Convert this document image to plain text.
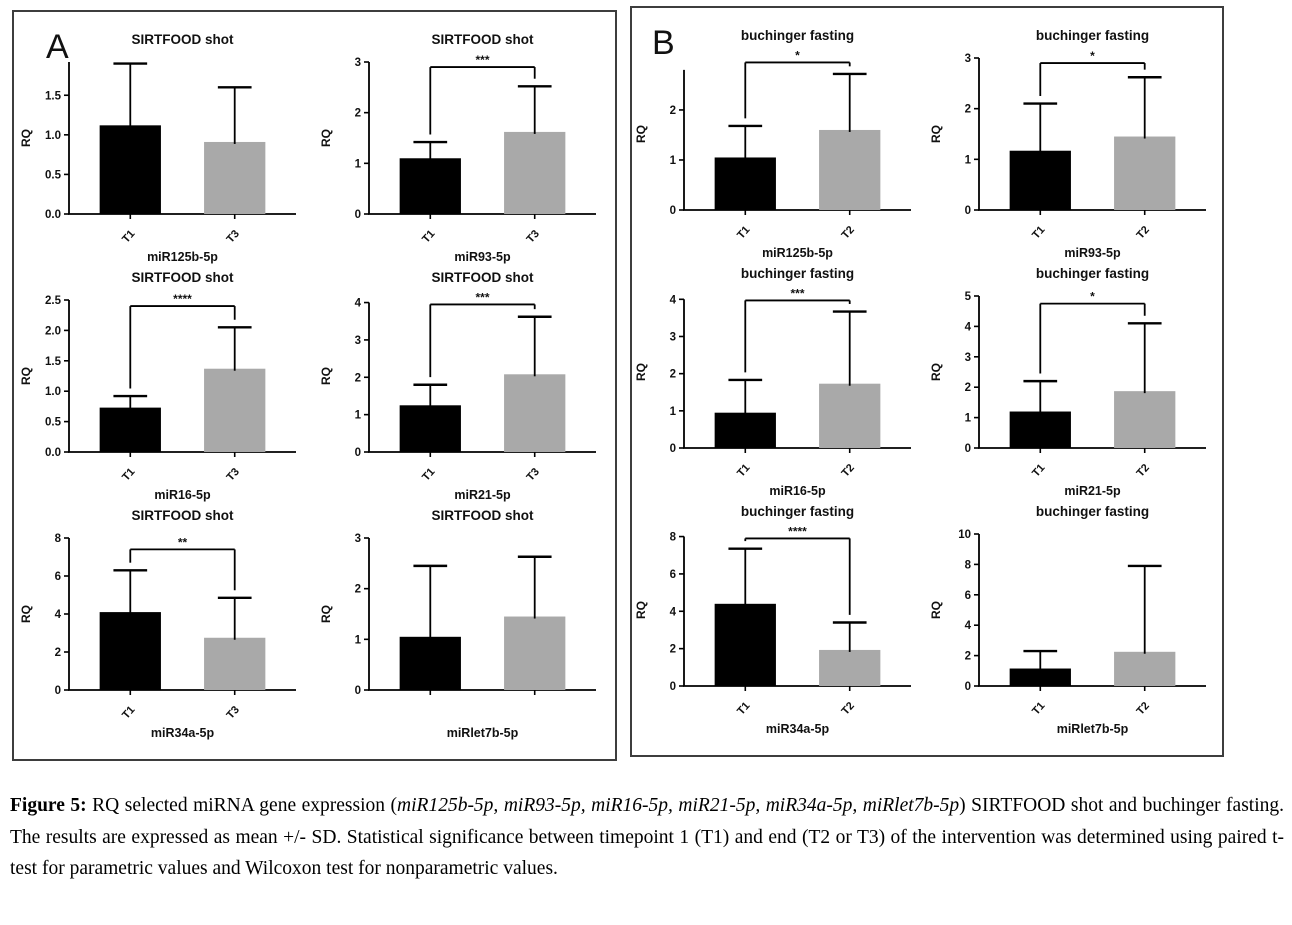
A	SIRTFOOD shot
RQ
0.0
0.5
1.0
1.5
T1	T3
miR125b-5p
SIRTFOOD shot
RQ
0
1
2
3
T1	T3
***
miR93-5p
SIRTFOOD shot
RQ
0.0
0.5
1.0
1.5
2.0
2.5
T1	T3
****
miR16-5p
SIRTFOOD shot
RQ
0
1
2
3
4
T1	T3
***
miR21-5p
SIRTFOOD shot
RQ
0
2
4
6
8
T1	T3
**
miR34a-5p
SIRTFOOD shot
RQ
0
1
2
3
miRlet7b-5p
B	buchinger fasting
RQ
0
1
2
T1	T2
*
miR125b-5p
buchinger fasting
RQ
0
1
2
3
T1	T2
*
miR93-5p
buchinger fasting
RQ
0
1
2
3
4
T1	T2
***
miR16-5p
buchinger fasting
RQ
0
1
2
3
4
5
T1	T2
*
miR21-5p
buchinger fasting
RQ
0
2
4
6
8
T1	T2
****
miR34a-5p
buchinger fasting
RQ
0
2
4
6
8
10
T1	T2
miRlet7b-5p

Figure 5: RQ selected miRNA gene expression (miR125b-5p, miR93-5p, miR16-5p, miR21-5p, miR34a-5p, miRlet7b-5p) SIRTFOOD shot and buchinger fasting. The results are expressed as mean +/- SD. Statistical significance between timepoint 1 (T1) and end (T2 or T3) of the intervention was determined using paired t-test for parametric values and Wilcoxon test for nonparametric values.
